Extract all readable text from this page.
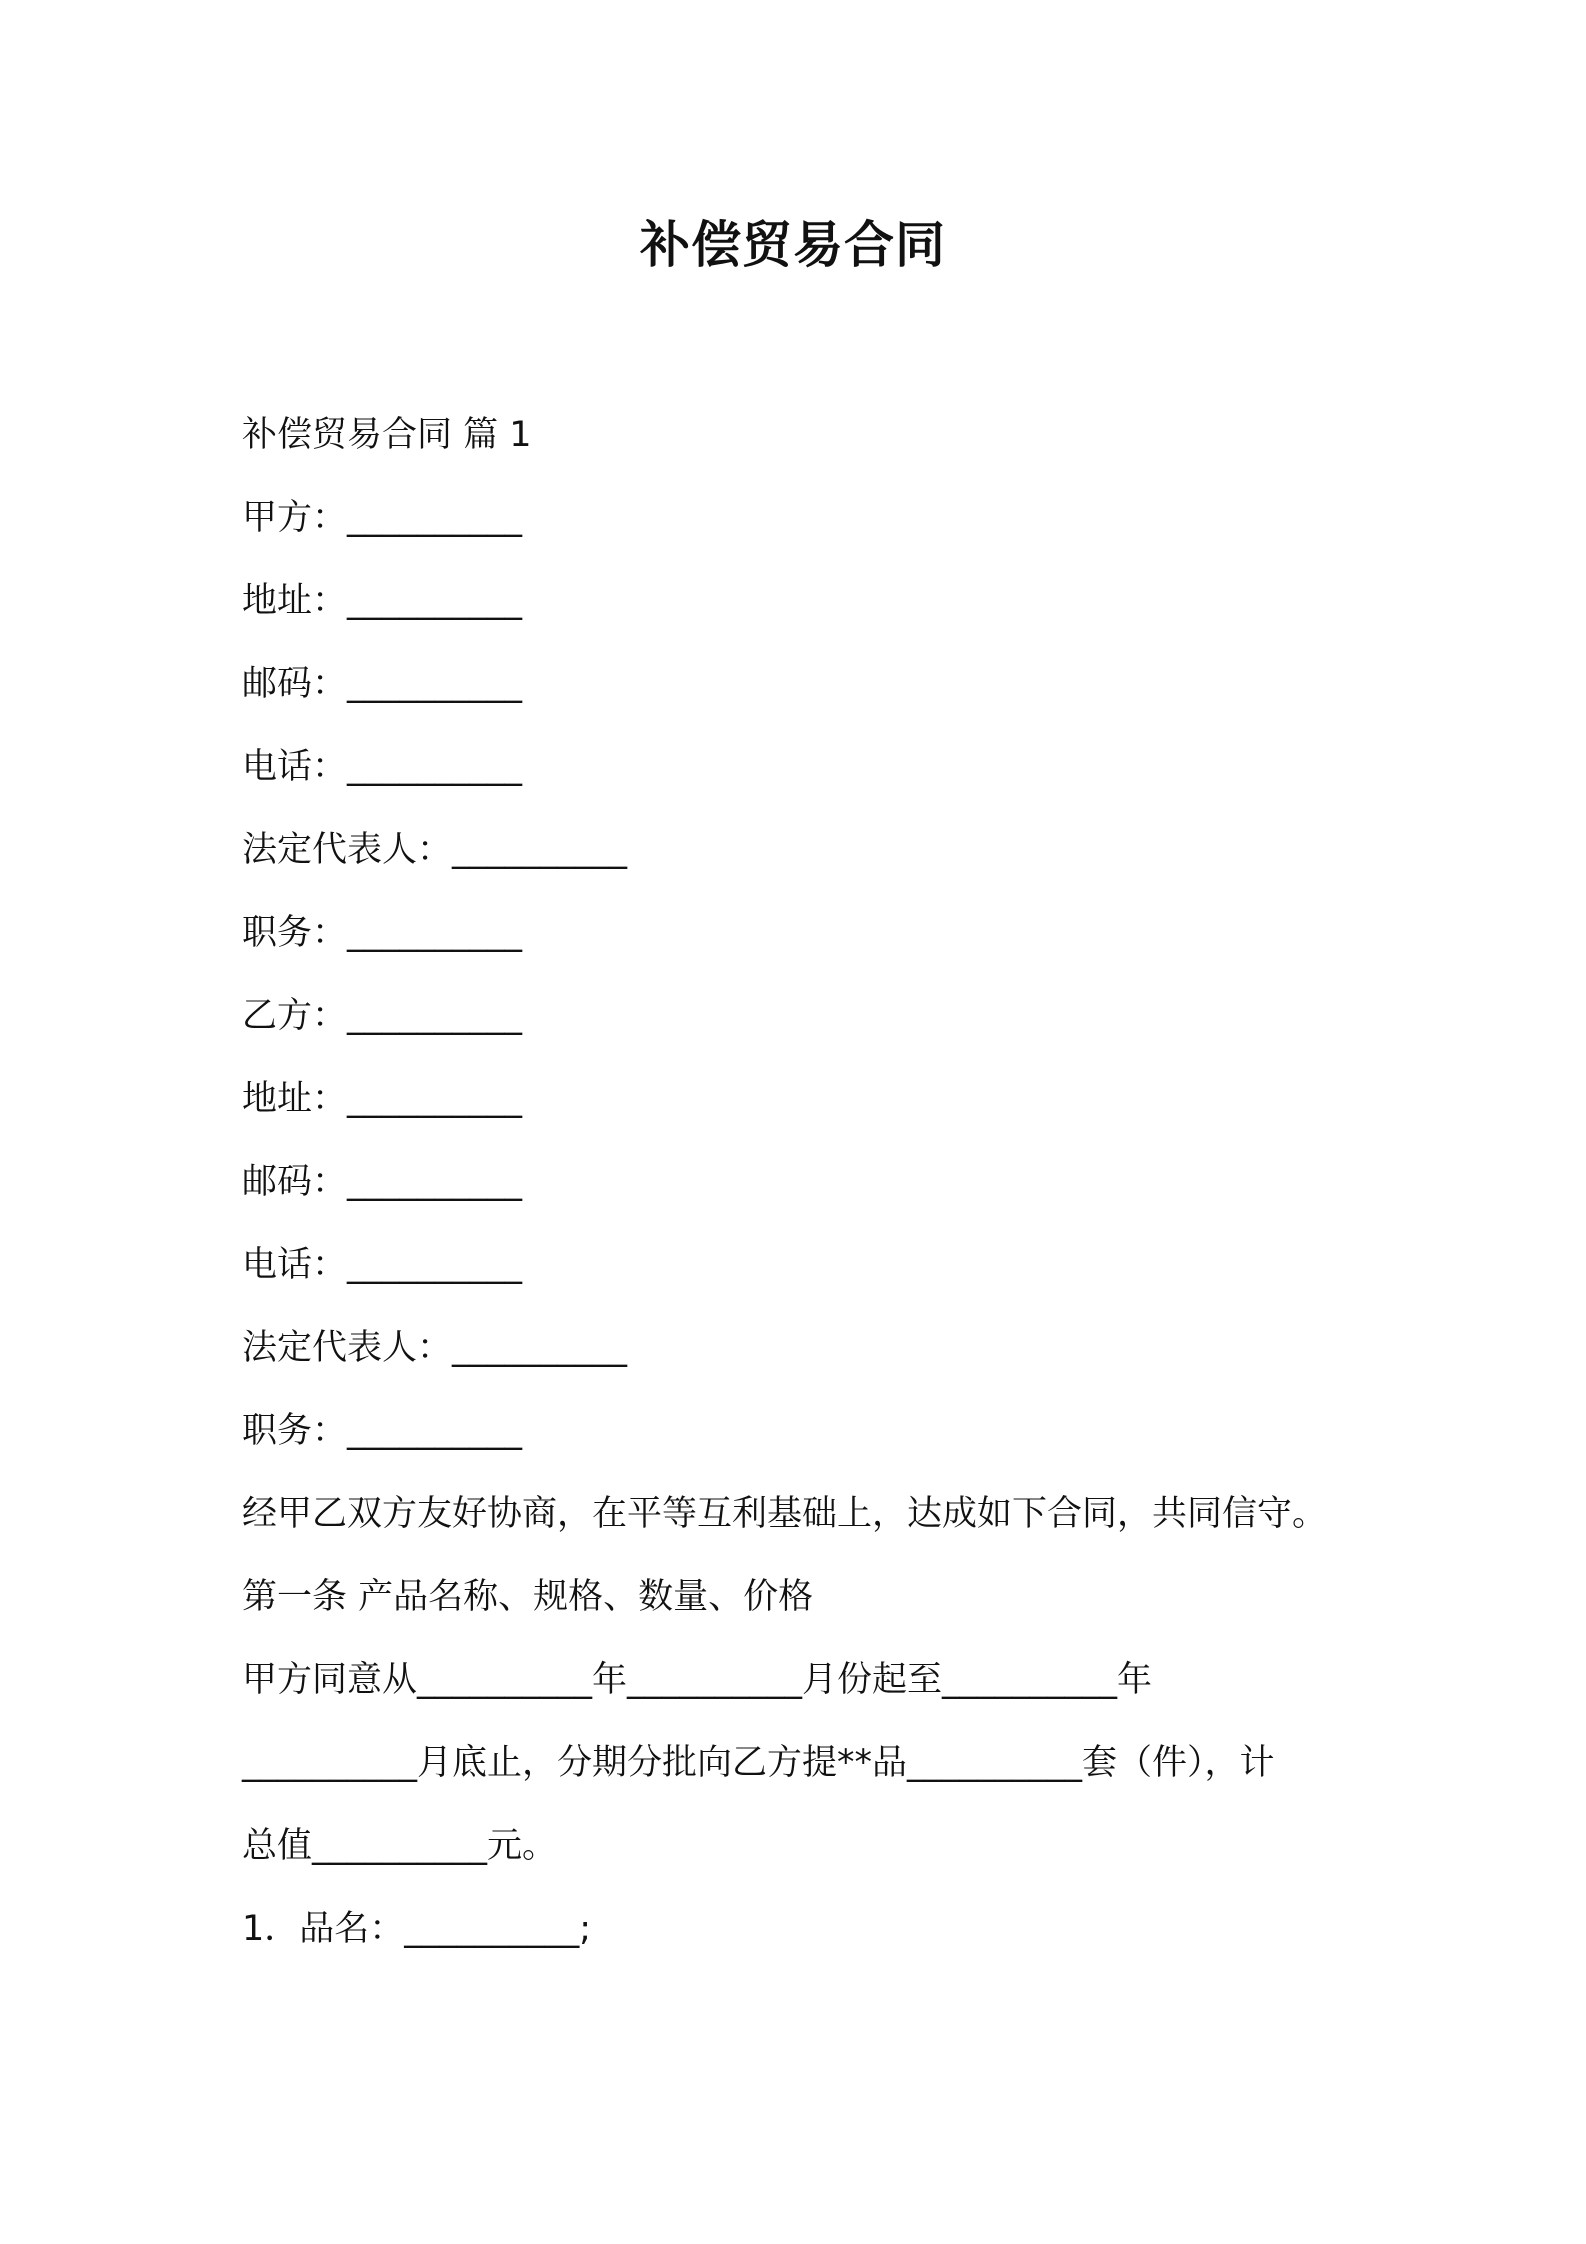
补偿贸易合同
补偿贸易合同 篇 1
甲方：__________
地址：__________
邮码：__________
电话：__________
法定代表人：__________
职务：__________
乙方：__________
地址：__________
邮码：__________
电话：__________
法定代表人：__________
职务：__________
经甲乙双方友好协商，在平等互利基础上，达成如下合同，共同信守。
第一条 产品名称、规格、数量、价格
甲方同意从__________年__________月份起至__________年
__________月底止，分期分批向乙方提**品__________套（件），计
总值__________元。
1．品名：__________;
